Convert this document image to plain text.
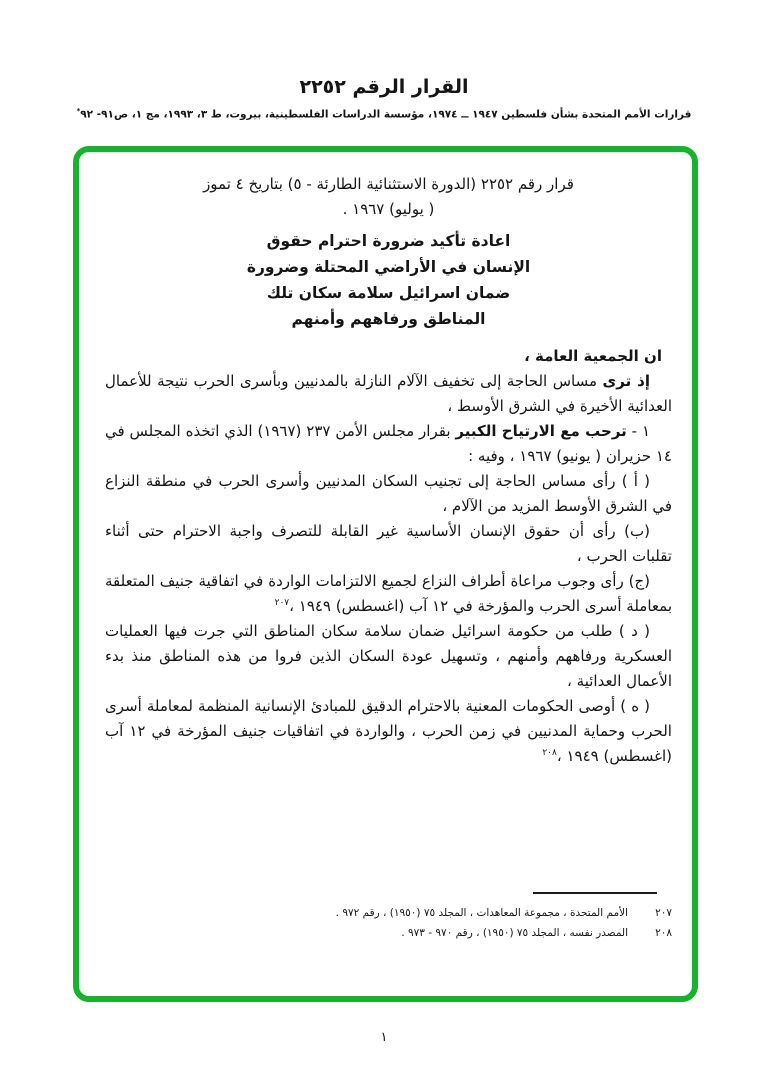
القرار الرقم ٢٢٥٢
قرارات الأمم المتحدة بشأن فلسطين ١٩٤٧ ــ ١٩٧٤، مؤسسة الدراسات الفلسطينية، بيروت، ط ٣، ١٩٩٣، مج ١، ص٩١- ٩٢*
قرار رقم ٢٢٥٢ (الدورة الاستثنائية الطارئة - ٥) بتاريخ ٤ تموز
( يوليو) ١٩٦٧ .
اعادة تأكيد ضرورة احترام حقوق
الإنسان في الأراضي المحتلة وضرورة
ضمان اسرائيل سلامة سكان تلك
المناطق ورفاههم وأمنهم

ان الجمعية العامة ،

إذ ترى مساس الحاجة إلى تخفيف الآلام النازلة بالمدنيين وبأسرى الحرب نتيجة للأعمال العدائية الأخيرة في الشرق الأوسط ،

١ - ترحب مع الارتياح الكبير بقرار مجلس الأمن ٢٣٧ (١٩٦٧) الذي اتخذه المجلس في ١٤ حزيران ( يونيو) ١٩٦٧ ، وفيه :

( أ ) رأى مساس الحاجة إلى تجنيب السكان المدنيين وأسرى الحرب في منطقة النزاع في الشرق الأوسط المزيد من الآلام ،

(ب) رأى أن حقوق الإنسان الأساسية غير القابلة للتصرف واجبة الاحترام حتى أثناء تقلبات الحرب ،

(ج) رأى وجوب مراعاة أطراف النزاع لجميع الالتزامات الواردة في اتفاقية جنيف المتعلقة بمعاملة أسرى الحرب والمؤرخة في ١٢ آب (اغسطس) ١٩٤٩ ،$^{٢٠٧}$

( د ) طلب من حكومة اسرائيل ضمان سلامة سكان المناطق التي جرت فيها العمليات العسكرية ورفاههم وأمنهم ، وتسهيل عودة السكان الذين فروا من هذه المناطق منذ بدء الأعمال العدائية ،

( ه ) أوصى الحكومات المعنية بالاحترام الدقيق للمبادئ الإنسانية المنظمة لمعاملة أسرى الحرب وحماية المدنيين في زمن الحرب ، والواردة في اتفاقيات جنيف المؤرخة في ١٢ آب (اغسطس) ١٩٤٩ ،$^{٢٠٨}$

٢٠٧
الأمم المتحدة ، مجموعة المعاهدات ، المجلد ٧٥ (١٩٥٠) ، رقم ٩٧٢ .
٢٠٨
المصدر نفسه ، المجلد ٧٥ (١٩٥٠) ، رقم ٩٧٠ - ٩٧٣ .
١
